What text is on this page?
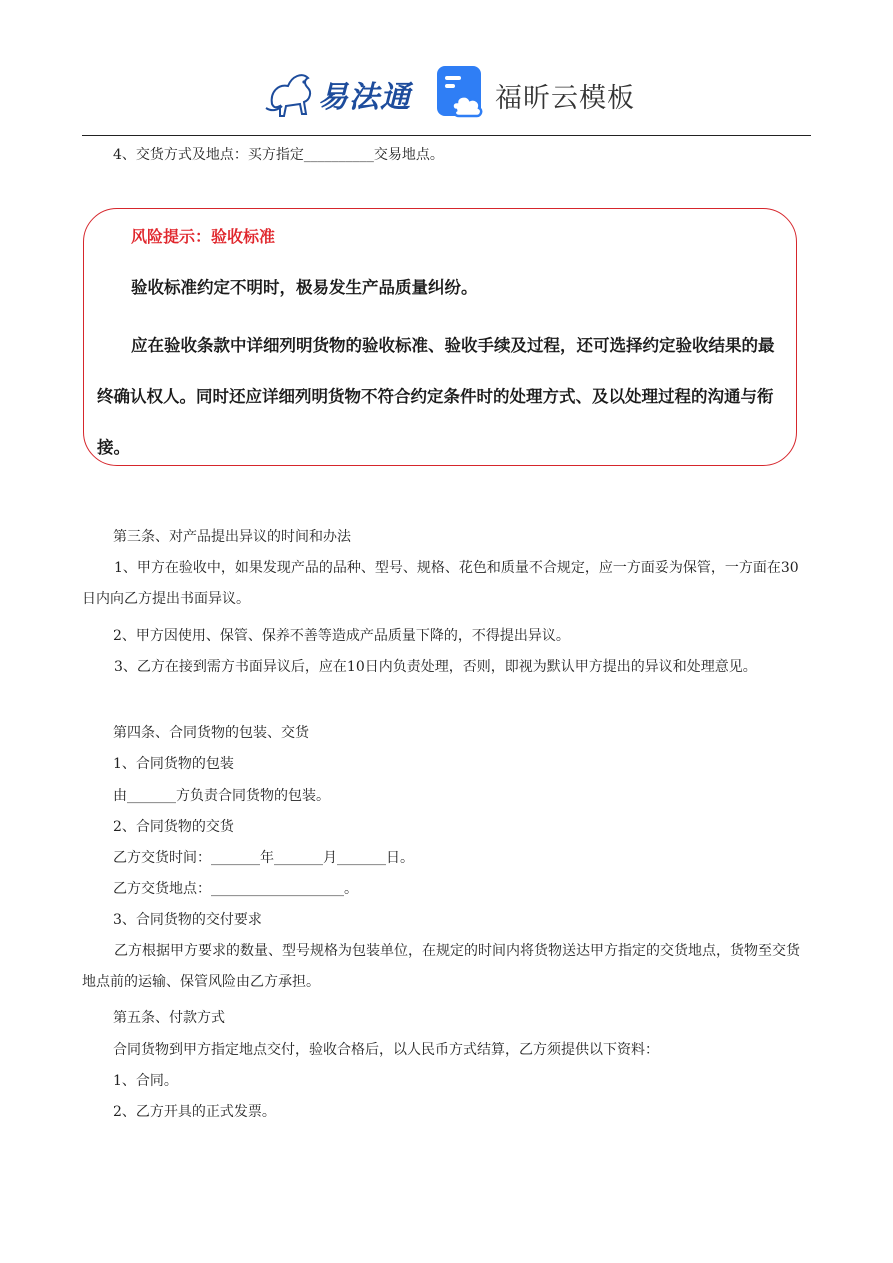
易法通	福昕云模板
4、交货方式及地点：买方指定__________交易地点。
风险提示：验收标准
验收标准约定不明时，极易发生产品质量纠纷。
应在验收条款中详细列明货物的验收标准、验收手续及过程，还可选择约定验收结果的最终确认权人。同时还应详细列明货物不符合约定条件时的处理方式、及以处理过程的沟通与衔接。
第三条、对产品提出异议的时间和办法
1、甲方在验收中，如果发现产品的品种、型号、规格、花色和质量不合规定，应一方面妥为保管，一方面在30日内向乙方提出书面异议。
2、甲方因使用、保管、保养不善等造成产品质量下降的，不得提出异议。
3、乙方在接到需方书面异议后，应在10日内负责处理，否则，即视为默认甲方提出的异议和处理意见。
第四条、合同货物的包装、交货
1、合同货物的包装
由_______方负责合同货物的包装。
2、合同货物的交货
乙方交货时间：_______年_______月_______日。
乙方交货地点：___________________。
3、合同货物的交付要求
乙方根据甲方要求的数量、型号规格为包装单位，在规定的时间内将货物送达甲方指定的交货地点，货物至交货地点前的运输、保管风险由乙方承担。
第五条、付款方式
合同货物到甲方指定地点交付，验收合格后，以人民币方式结算，乙方须提供以下资料：
1、合同。
2、乙方开具的正式发票。
